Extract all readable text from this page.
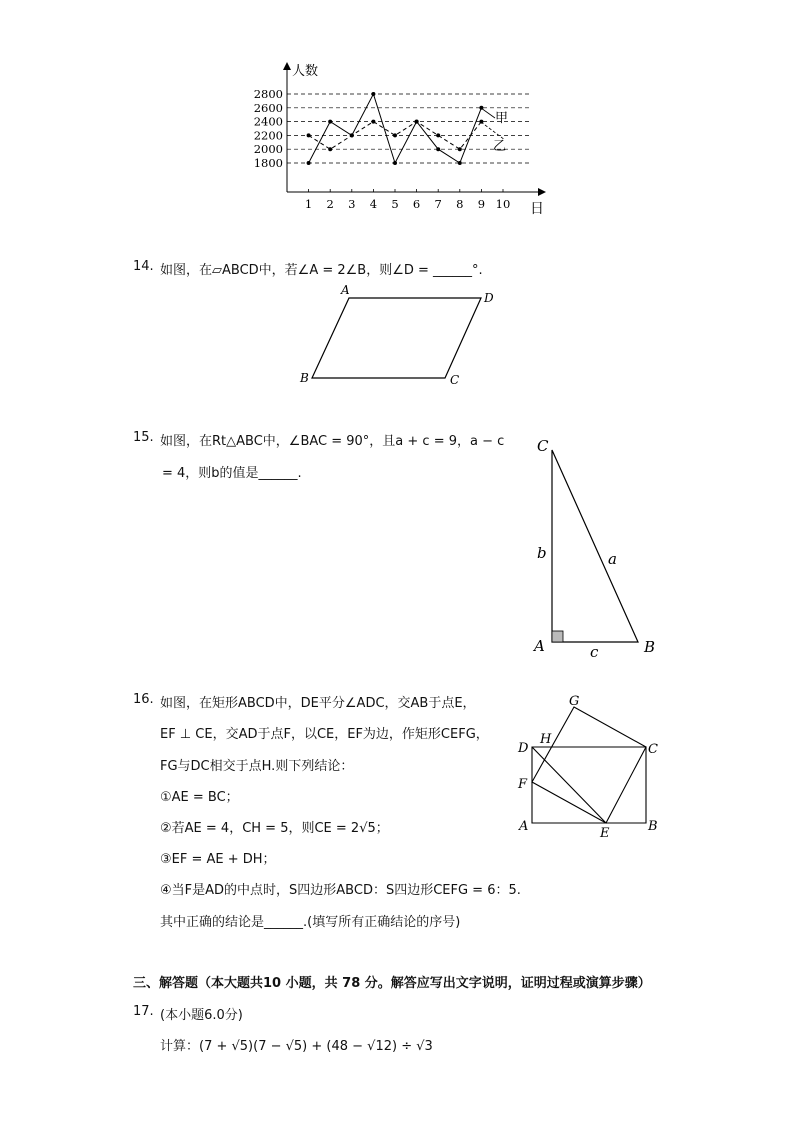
人数
日
1800
2000
2200
2400
2600
2800
1 2 3 4 5 6 7 8 9 10
甲
乙
14. 如图，在▱ABCD中，若∠A = 2∠B，则∠D = ______°.
A
D
B	C
15. 如图，在Rt△ABC中，∠BAC = 90°，且a + c = 9，a − c
= 4，则b的值是______.
C
A	B
b	a
c
16. 如图，在矩形ABCD中，DE平分∠ADC，交AB于点E，
EF ⊥ CE，交AD于点F，以CE，EF为边，作矩形CEFG，
FG与DC相交于点H.则下列结论：
①AE = BC；
②若AE = 4，CH = 5，则CE = 2√5；
③EF = AE + DH；
④当F是AD的中点时，S四边形ABCD：S四边形CEFG = 6：5.
其中正确的结论是______.(填写所有正确结论的序号)
G
H
D	C
F
A	E	B
三、解答题（本大题共10 小题，共 78 分。解答应写出文字说明，证明过程或演算步骤）
17. (本小题6.0分)
计算：(7 + √5)(7 − √5) + (48 − √12) ÷ √3
